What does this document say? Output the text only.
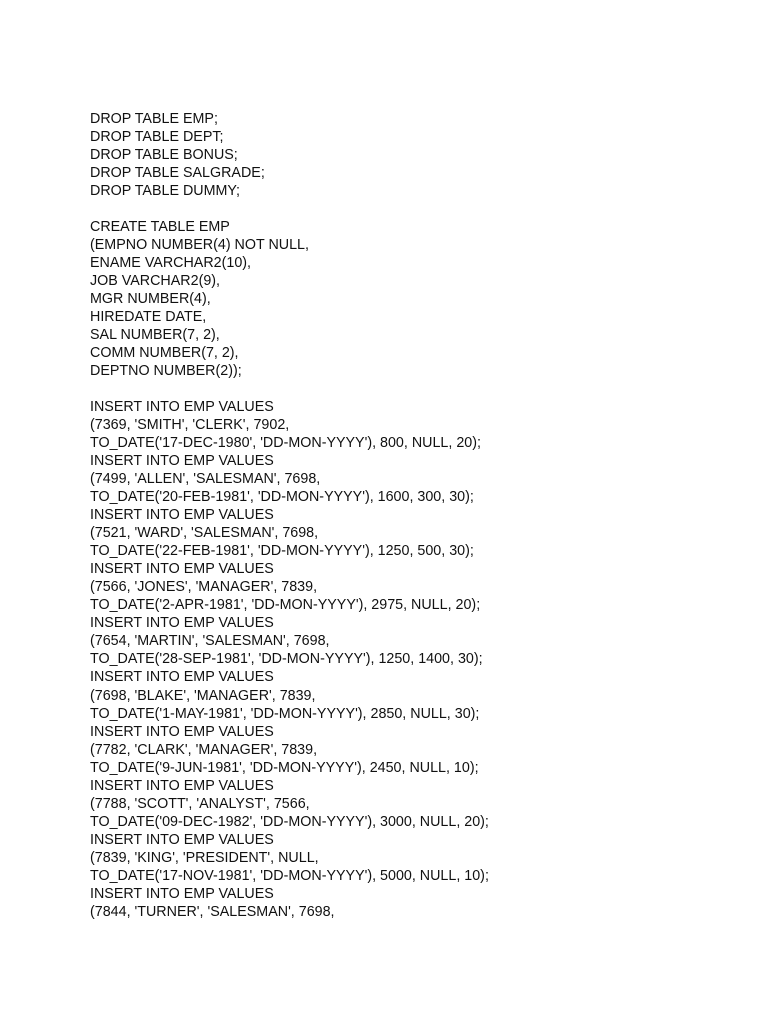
DROP TABLE EMP;
DROP TABLE DEPT;
DROP TABLE BONUS;
DROP TABLE SALGRADE;
DROP TABLE DUMMY;
CREATE TABLE EMP
(EMPNO NUMBER(4) NOT NULL,
ENAME VARCHAR2(10),
JOB VARCHAR2(9),
MGR NUMBER(4),
HIREDATE DATE,
SAL NUMBER(7, 2),
COMM NUMBER(7, 2),
DEPTNO NUMBER(2));
INSERT INTO EMP VALUES
(7369, 'SMITH', 'CLERK', 7902,
TO_DATE('17-DEC-1980', 'DD-MON-YYYY'), 800, NULL, 20);
INSERT INTO EMP VALUES
(7499, 'ALLEN', 'SALESMAN', 7698,
TO_DATE('20-FEB-1981', 'DD-MON-YYYY'), 1600, 300, 30);
INSERT INTO EMP VALUES
(7521, 'WARD', 'SALESMAN', 7698,
TO_DATE('22-FEB-1981', 'DD-MON-YYYY'), 1250, 500, 30);
INSERT INTO EMP VALUES
(7566, 'JONES', 'MANAGER', 7839,
TO_DATE('2-APR-1981', 'DD-MON-YYYY'), 2975, NULL, 20);
INSERT INTO EMP VALUES
(7654, 'MARTIN', 'SALESMAN', 7698,
TO_DATE('28-SEP-1981', 'DD-MON-YYYY'), 1250, 1400, 30);
INSERT INTO EMP VALUES
(7698, 'BLAKE', 'MANAGER', 7839,
TO_DATE('1-MAY-1981', 'DD-MON-YYYY'), 2850, NULL, 30);
INSERT INTO EMP VALUES
(7782, 'CLARK', 'MANAGER', 7839,
TO_DATE('9-JUN-1981', 'DD-MON-YYYY'), 2450, NULL, 10);
INSERT INTO EMP VALUES
(7788, 'SCOTT', 'ANALYST', 7566,
TO_DATE('09-DEC-1982', 'DD-MON-YYYY'), 3000, NULL, 20);
INSERT INTO EMP VALUES
(7839, 'KING', 'PRESIDENT', NULL,
TO_DATE('17-NOV-1981', 'DD-MON-YYYY'), 5000, NULL, 10);
INSERT INTO EMP VALUES
(7844, 'TURNER', 'SALESMAN', 7698,
